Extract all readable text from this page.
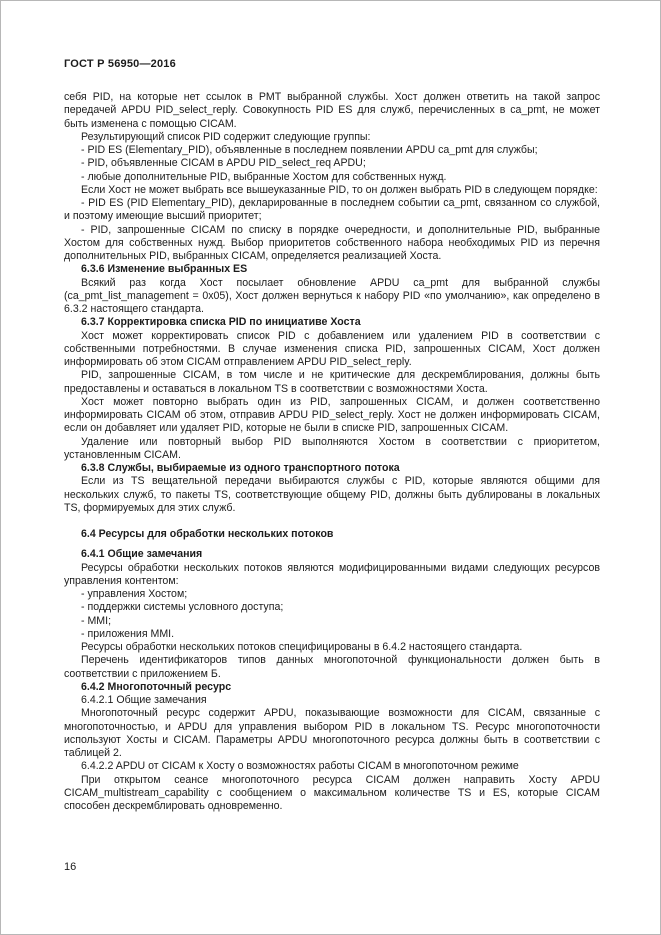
ГОСТ Р 56950—2016

себя PID, на которые нет ссылок в PMT выбранной службы. Хост должен ответить на такой запрос передачей APDU PID_select_reply. Совокупность PID ES для служб, перечисленных в ca_pmt, не может быть изменена с помощью CICAM.

Результирующий список PID содержит следующие группы:

- PID ES (Elementary_PID), объявленные в последнем появлении APDU ca_pmt для службы;

- PID, объявленные CICAM в APDU PID_select_req APDU;

- любые дополнительные PID, выбранные Хостом для собственных нужд.

Если Хост не может выбрать все вышеуказанные PID, то он должен выбрать PID в следующем порядке:

- PID ES (PID Elementary_PID), декларированные в последнем событии ca_pmt, связанном со службой, и поэтому имеющие высший приоритет;

- PID, запрошенные CICAM по списку в порядке очередности, и дополнительные PID, выбранные Хостом для собственных нужд. Выбор приоритетов собственного набора необходимых PID из перечня дополнительных PID, выбранных CICAM, определяется реализацией Хоста.

6.3.6 Изменение выбранных ES

Всякий раз когда Хост посылает обновление APDU ca_pmt для выбранной службы (ca_pmt_list_management = 0x05), Хост должен вернуться к набору PID «по умолчанию», как определено в 6.3.2 настоящего стандарта.

6.3.7 Корректировка списка PID по инициативе Хоста

Хост может корректировать список PID с добавлением или удалением PID в соответствии с собственными потребностями. В случае изменения списка PID, запрошенных CICAM, Хост должен информировать об этом CICAM отправлением APDU PID_select_reply.

PID, запрошенные CICAM, в том числе и не критические для дескремблирования, должны быть предоставлены и оставаться в локальном TS в соответствии с возможностями Хоста.

Хост может повторно выбрать один из PID, запрошенных CICAM, и должен соответственно информировать CICAM об этом, отправив APDU PID_select_reply. Хост не должен информировать CICAM, если он добавляет или удаляет PID, которые не были в списке PID, запрошенных CICAM.

Удаление или повторный выбор PID выполняются Хостом в соответствии с приоритетом, установленным CICAM.

6.3.8 Службы, выбираемые из одного транспортного потока

Если из TS вещательной передачи выбираются службы с PID, которые являются общими для нескольких служб, то пакеты TS, соответствующие общему PID, должны быть дублированы в локальных TS, формируемых для этих служб.

6.4 Ресурсы для обработки нескольких потоков

6.4.1 Общие замечания

Ресурсы обработки нескольких потоков являются модифицированными видами следующих ресурсов управления контентом:

- управления Хостом;

- поддержки системы условного доступа;

- MMI;

- приложения MMI.

Ресурсы обработки нескольких потоков специфицированы в 6.4.2 настоящего стандарта.

Перечень идентификаторов типов данных многопоточной функциональности должен быть в соответствии с приложением Б.

6.4.2 Многопоточный ресурс

6.4.2.1 Общие замечания

Многопоточный ресурс содержит APDU, показывающие возможности для CICAM, связанные с многопоточностью, и APDU для управления выбором PID в локальном TS. Ресурс многопоточности используют Хосты и CICAM. Параметры APDU многопоточного ресурса должны быть в соответствии с таблицей 2.

6.4.2.2 APDU от CICAM к Хосту о возможностях работы CICAM в многопоточном режиме

При открытом сеансе многопоточного ресурса CICAM должен направить Хосту APDU CICAM_multistream_capability с сообщением о максимальном количестве TS и ES, которые CICAM способен дескремблировать одновременно.

16
